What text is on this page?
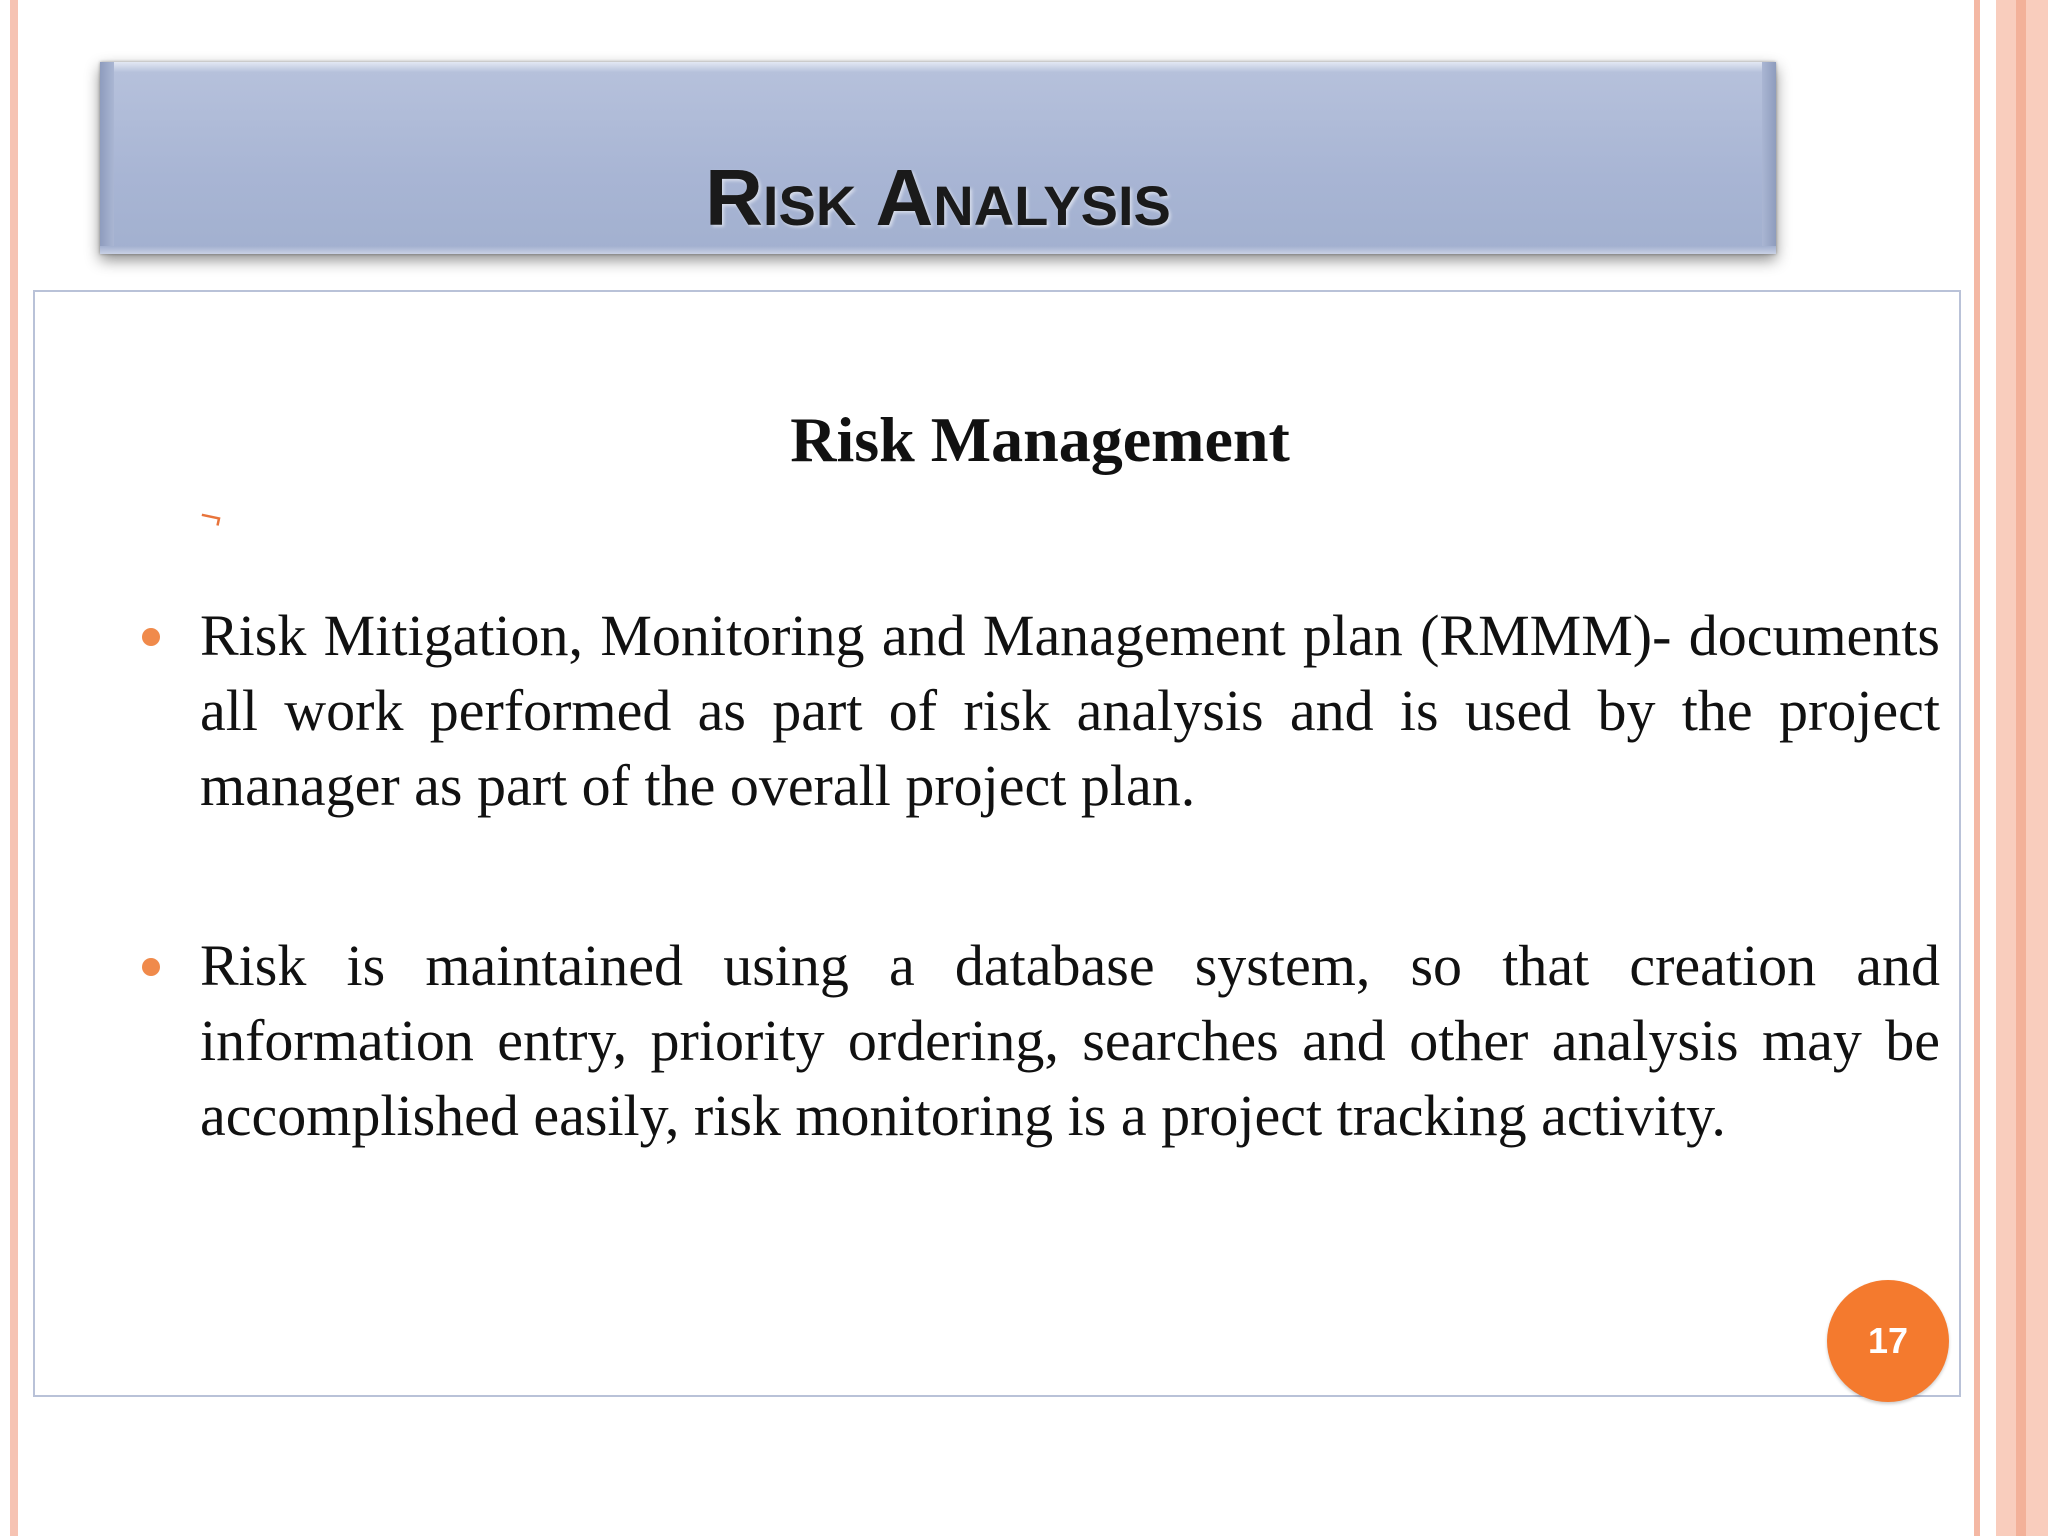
Risk Analysis
Risk Management
¬
Risk Mitigation, Monitoring and Management plan (RMMM)- documents all work performed as part of risk analysis and is used by the project manager as part of the overall project plan.
Risk is maintained using a database system, so that creation and information entry, priority ordering, searches and other analysis may be accomplished easily, risk monitoring is a project tracking activity.
17
